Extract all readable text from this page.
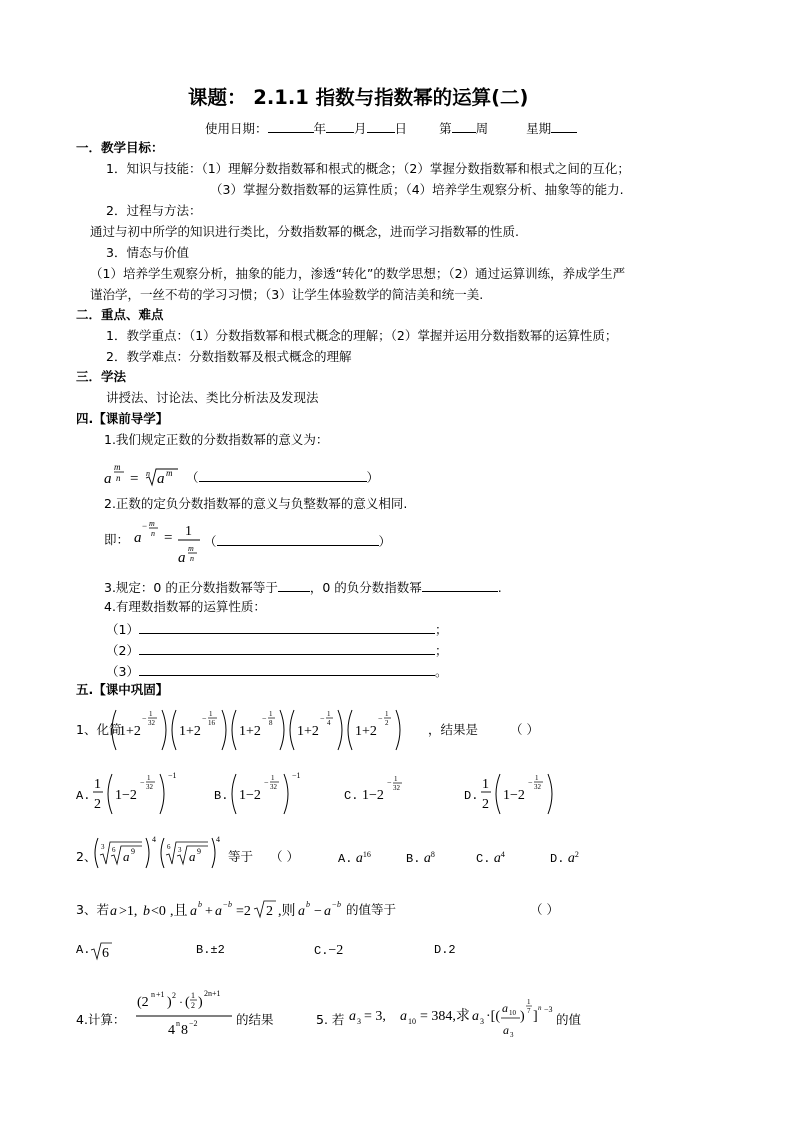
课题： 2.1.1 指数与指数幂的运算(二)
使用日期：	年 月 日	第 周	星期
一．教学目标：
1．知识与技能：（1）理解分数指数幂和根式的概念；（2）掌握分数指数幂和根式之间的互化；
（3）掌握分数指数幂的运算性质；（4）培养学生观察分析、抽象等的能力.
2．过程与方法：
通过与初中所学的知识进行类比，分数指数幂的概念，进而学习指数幂的性质.
3．情态与价值
（1）培养学生观察分析，抽象的能力，渗透“转化”的数学思想；（2）通过运算训练，养成学生严
谨治学，一丝不苟的学习习惯；（3）让学生体验数学的简洁美和统一美.
二．重点、难点
1．教学重点：（1）分数指数幂和根式概念的理解；（2）掌握并运用分数指数幂的运算性质；
2．教学难点：分数指数幂及根式概念的理解
三．学法
讲授法、讨论法、类比分析法及发现法
四.【课前导学】
1.我们规定正数的分数指数幂的意义为：
a
m
n = n a m （	）
2.正数的定负分数指数幂的意义与负整数幂的意义相同.
即： a
− m
n = 1
a
m
n
（	）
3.规定：0 的正分数指数幂等于	，0 的负分数指数幂	.
4.有理数指数幂的运算性质：
（1）	；
（2）	；
（3）	。
五.【课中巩固】
1、化简
1+2
− 1
32
1+2
− 1
16
1+2
− 1
8
1+2
− 1
4
1+2
− 1
2	，结果是	（ ）
A.
1
2
1−2
− 1
32
−1
B. 1−2
− 1
32
−1
C. 1−2
− 1
32
D.
1
2
1−2
− 1
32
2、
3 6 a 9
4
6 3 a 9
4
等于 （ ）	A. $a^{16}$	B. $a^8$	C. $a^4$	D. $a^2$
3、若 a >1, b <0 ,且 a b + a − b =2 2 ,则 a b − a − b 的值等于	（ ）
A. 6	B.±2	C.−2	D.2
4.计算：
(2
n +1
) 2 · ( 1
2 )
2n+1
4 n 8 −2	的结果	5. 若 a 3 = 3, a 10 = 384,求 a 3 ·[(
a 10
a 3
)
1
7 ]
n −3
的值
